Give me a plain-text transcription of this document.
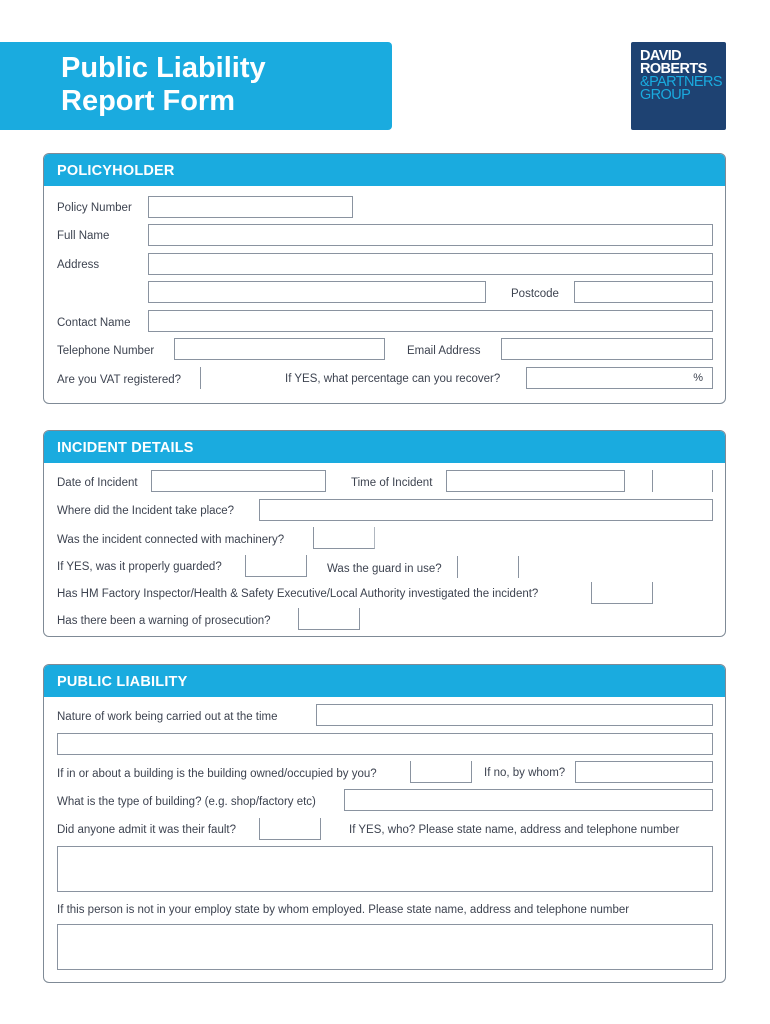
Public Liability
Report Form
DAVID
ROBERTS
&PARTNERS
GROUP
POLICYHOLDER
Policy Number
Full Name
Address
Postcode
Contact Name
Telephone Number	Email Address
Are you VAT registered?	If YES, what percentage can you recover?	%
INCIDENT DETAILS
Date of Incident	Time of Incident
Where did the Incident take place?
Was the incident connected with machinery?
If YES, was it properly guarded?	Was the guard in use?
Has HM Factory Inspector/Health & Safety Executive/Local Authority investigated the incident?
Has there been a warning of prosecution?
PUBLIC LIABILITY
Nature of work being carried out at the time
If in or about a building is the building owned/occupied by you?	If no, by whom?
What is the type of building? (e.g. shop/factory etc)
Did anyone admit it was their fault?	If YES, who? Please state name, address and telephone number
If this person is not in your employ state by whom employed. Please state name, address and telephone number
